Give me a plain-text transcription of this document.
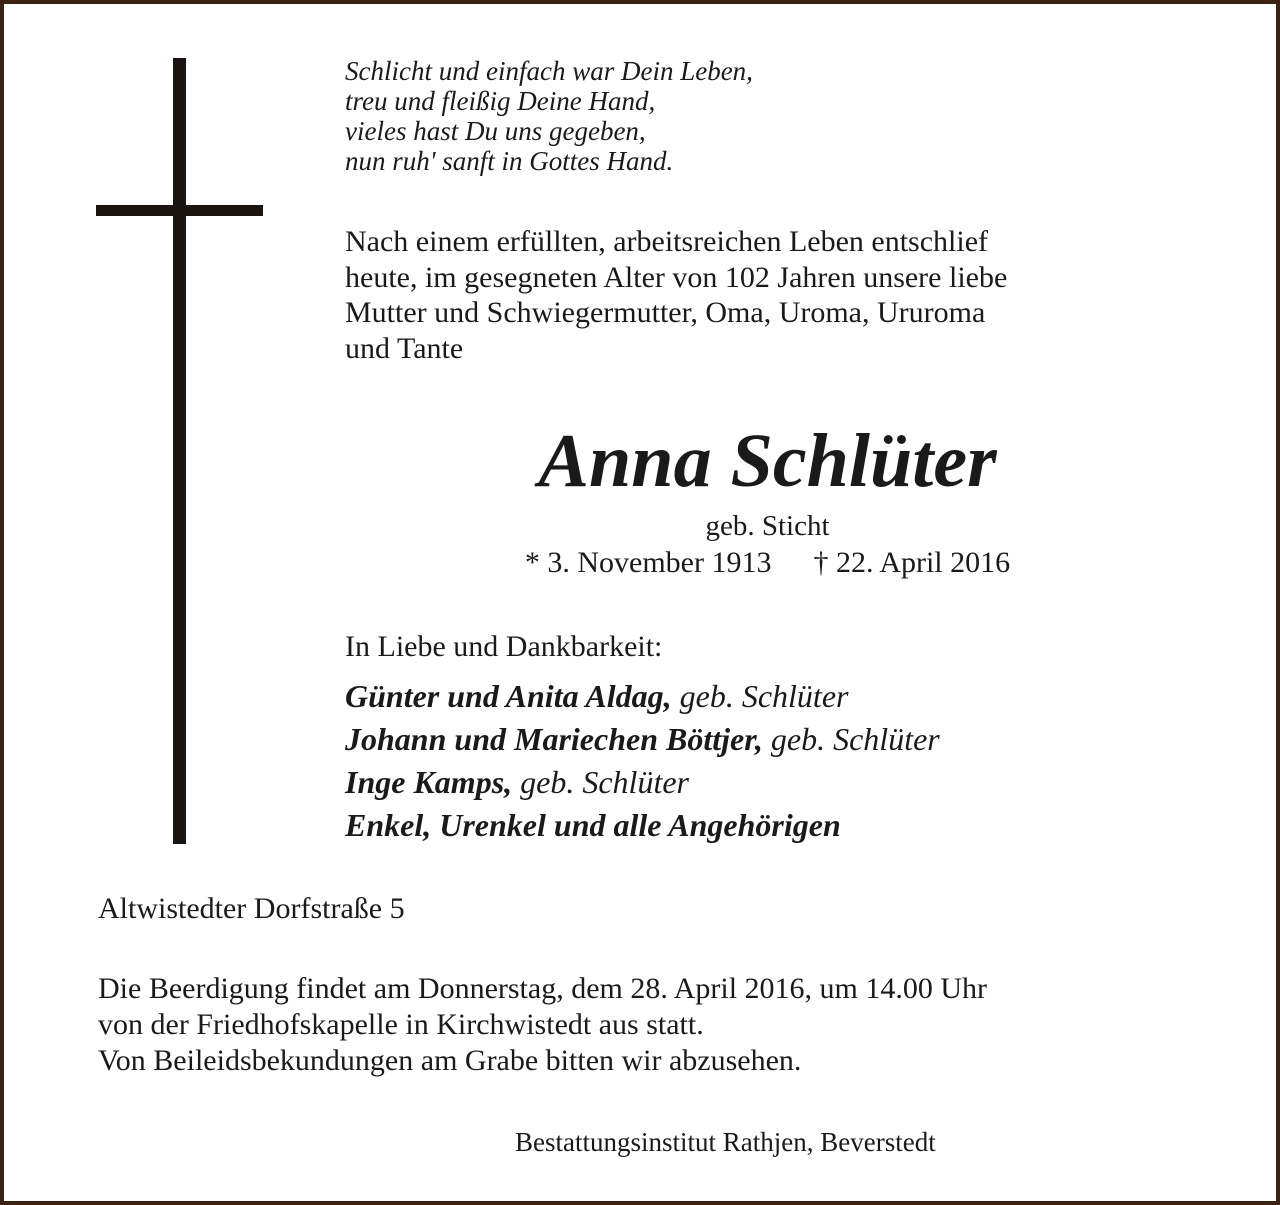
Schlicht und einfach war Dein Leben,
treu und fleißig Deine Hand,
vieles hast Du uns gegeben,
nun ruh' sanft in Gottes Hand.
Nach einem erfüllten, arbeitsreichen Leben entschlief
heute, im gesegneten Alter von 102 Jahren unsere liebe
Mutter und Schwiegermutter, Oma, Uroma, Ururoma
und Tante
Anna Schlüter
geb. Sticht
* 3. November 1913 † 22. April 2016
In Liebe und Dankbarkeit:
Günter und Anita Aldag, geb. Schlüter
Johann und Mariechen Böttjer, geb. Schlüter
Inge Kamps, geb. Schlüter
Enkel, Urenkel und alle Angehörigen
Altwistedter Dorfstraße 5
Die Beerdigung findet am Donnerstag, dem 28. April 2016, um 14.00 Uhr
von der Friedhofskapelle in Kirchwistedt aus statt.
Von Beileidsbekundungen am Grabe bitten wir abzusehen.
Bestattungsinstitut Rathjen, Beverstedt
